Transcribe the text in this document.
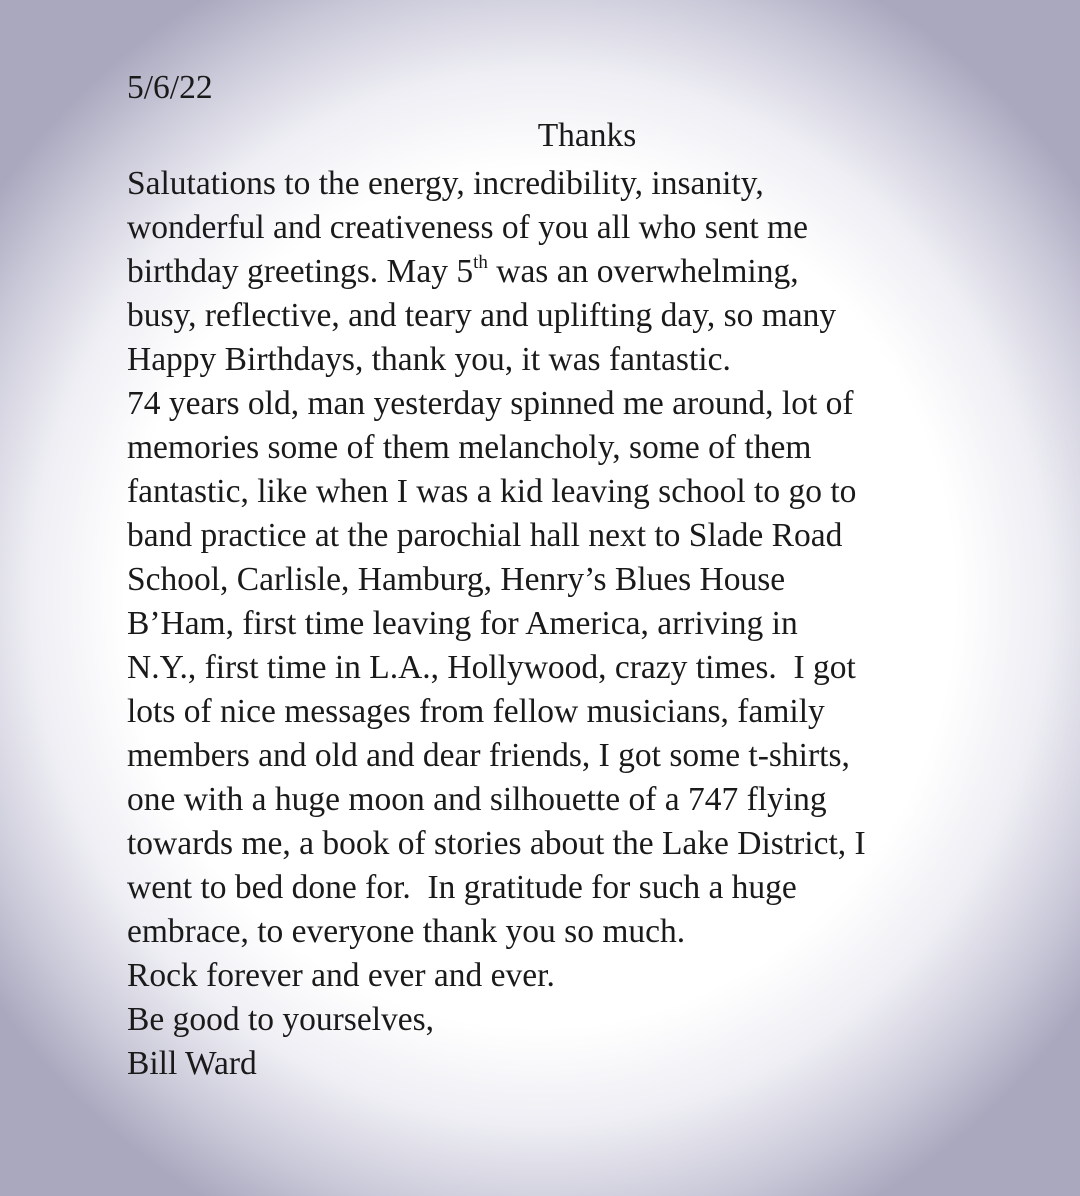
5/6/22

Thanks

Salutations to the energy, incredibility, insanity,

wonderful and creativeness of you all who sent me

birthday greetings. May 5th was an overwhelming,

busy, reflective, and teary and uplifting day, so many

Happy Birthdays, thank you, it was fantastic.

74 years old, man yesterday spinned me around, lot of

memories some of them melancholy, some of them

fantastic, like when I was a kid leaving school to go to

band practice at the parochial hall next to Slade Road

School, Carlisle, Hamburg, Henry’s Blues House

B’Ham, first time leaving for America, arriving in

N.Y., first time in L.A., Hollywood, crazy times.  I got

lots of nice messages from fellow musicians, family

members and old and dear friends, I got some t-shirts,

one with a huge moon and silhouette of a 747 flying

towards me, a book of stories about the Lake District, I

went to bed done for.  In gratitude for such a huge

embrace, to everyone thank you so much.

Rock forever and ever and ever.

Be good to yourselves,

Bill Ward
